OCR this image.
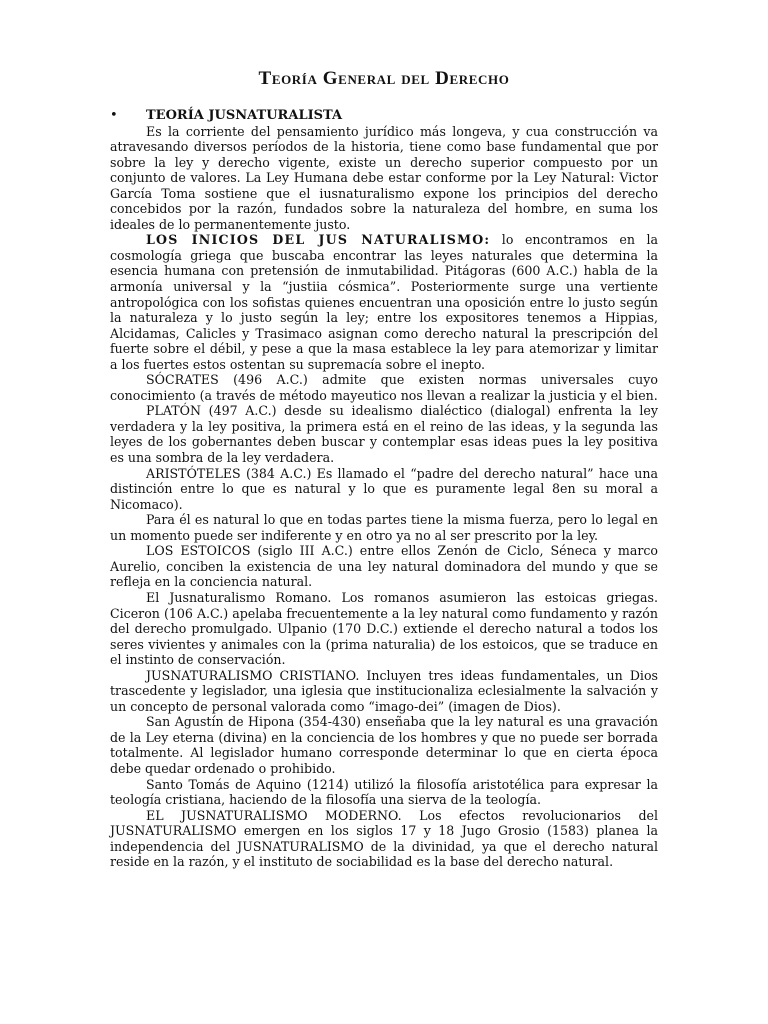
Teoría General del Derecho
•	TEORÍA JUSNATURALISTA

Es la corriente del pensamiento jurídico más longeva, y cua construcción va atravesando diversos períodos de la historia, tiene como base fundamental que por sobre la ley y derecho vigente, existe un derecho superior compuesto por un conjunto de valores. La Ley Humana debe estar conforme por la Ley Natural: Victor García Toma sostiene que el iusnaturalismo expone los principios del derecho concebidos por la razón, fundados sobre la naturaleza del hombre, en suma los ideales de lo permanentemente justo.

LOS INICIOS DEL JUS NATURALISMO: lo encontramos en la cosmología griega que buscaba encontrar las leyes naturales que determina la esencia humana con pretensión de inmutabilidad. Pitágoras (600 A.C.) habla de la armonía universal y la “justiia cósmica”. Posteriormente surge una vertiente antropológica con los sofistas quienes encuentran una oposición entre lo justo según la naturaleza y lo justo según la ley; entre los expositores tenemos a Hippias, Alcidamas, Calicles y Trasimaco asignan como derecho natural la prescripción del fuerte sobre el débil, y pese a que la masa establece la ley para atemorizar y limitar a los fuertes estos ostentan su supremacía sobre el inepto.

SÓCRATES (496 A.C.) admite que existen normas universales cuyo conocimiento (a través de método mayeutico nos llevan a realizar la justicia y el bien.

PLATÓN (497 A.C.) desde su idealismo dialéctico (dialogal) enfrenta la ley verdadera y la ley positiva, la primera está en el reino de las ideas, y la segunda las leyes de los gobernantes deben buscar y contemplar esas ideas pues la ley positiva es una sombra de la ley verdadera.

ARISTÓTELES (384 A.C.) Es llamado el “padre del derecho natural” hace una distinción entre lo que es natural y lo que es puramente legal 8en su moral a Nicomaco).

Para él es natural lo que en todas partes tiene la misma fuerza, pero lo legal en un momento puede ser indiferente y en otro ya no al ser prescrito por la ley.

LOS ESTOICOS (siglo III A.C.) entre ellos Zenón de Ciclo, Séneca y marco Aurelio, conciben la existencia de una ley natural dominadora del mundo y que se refleja en la conciencia natural.

El Jusnaturalismo Romano. Los romanos asumieron las estoicas griegas. Ciceron (106 A.C.) apelaba frecuentemente a la ley natural como fundamento y razón del derecho promulgado. Ulpanio (170 D.C.) extiende el derecho natural a todos los seres vivientes y animales con la (prima naturalia) de los estoicos, que se traduce en el instinto de conservación.

JUSNATURALISMO CRISTIANO. Incluyen tres ideas fundamentales, un Dios trascedente y legislador, una iglesia que institucionaliza eclesialmente la salvación y un concepto de personal valorada como “imago-dei” (imagen de Dios).

San Agustín de Hipona (354-430) enseñaba que la ley natural es una gravación de la Ley eterna (divina) en la conciencia de los hombres y que no puede ser borrada totalmente. Al legislador humano corresponde determinar lo que en cierta época debe quedar ordenado o prohibido.

Santo Tomás de Aquino (1214) utilizó la filosofía aristotélica para expresar la teología cristiana, haciendo de la filosofía una sierva de la teología.

EL JUSNATURALISMO MODERNO. Los efectos revolucionarios del JUSNATURALISMO emergen en los siglos 17 y 18 Jugo Grosio (1583) planea la independencia del JUSNATURALISMO de la divinidad, ya que el derecho natural reside en la razón, y el instituto de sociabilidad es la base del derecho natural.
